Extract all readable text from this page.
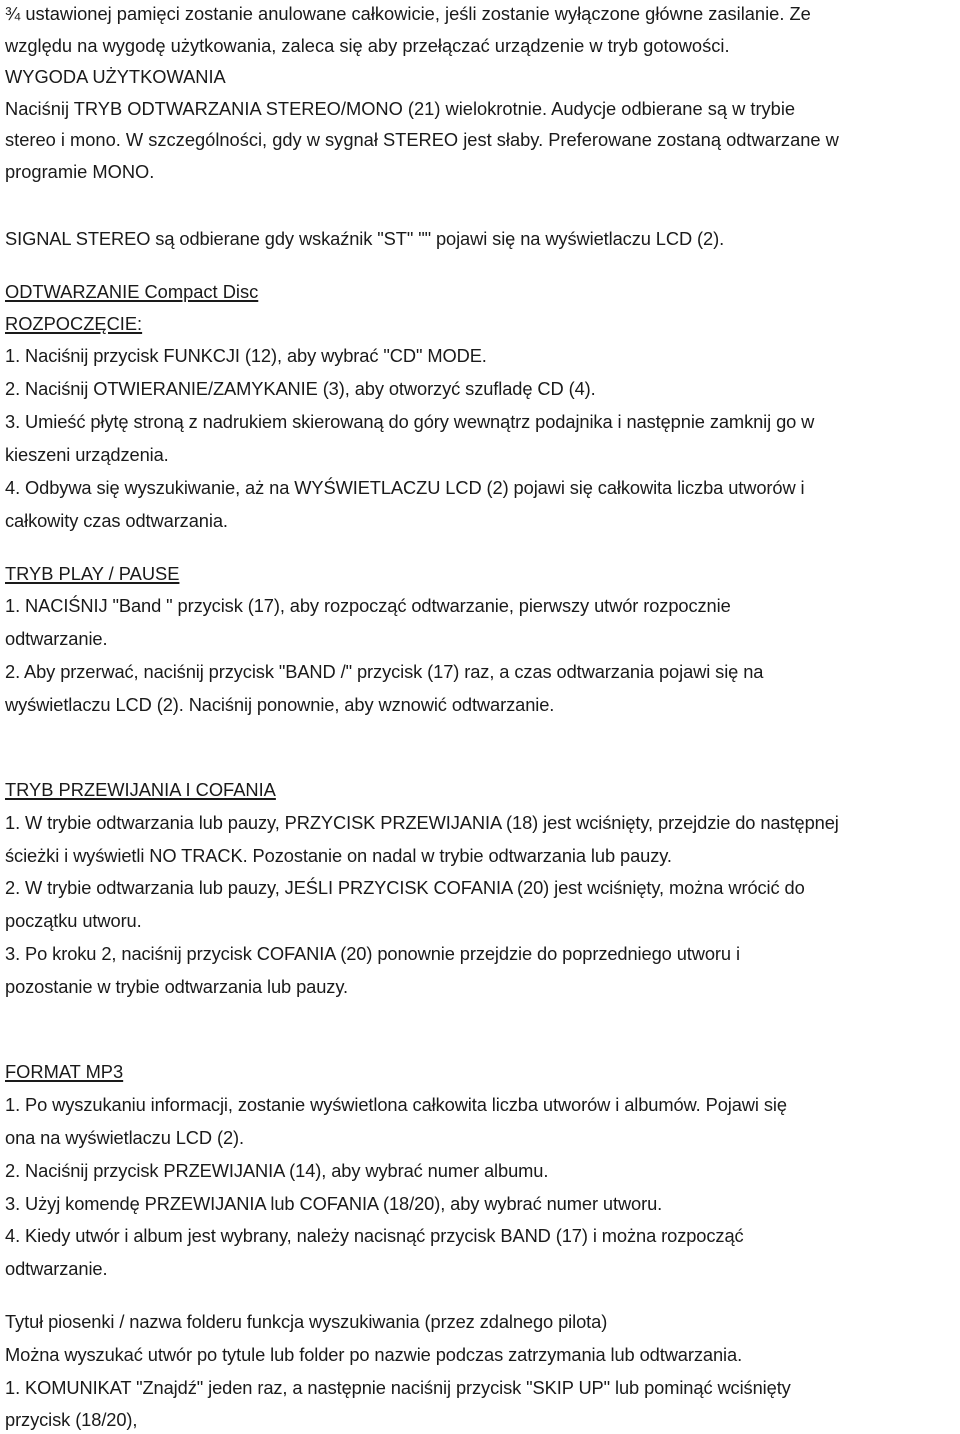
¾ ustawionej pamięci zostanie anulowane całkowicie, jeśli zostanie wyłączone główne zasilanie. Ze
względu na wygodę użytkowania, zaleca się aby przełączać urządzenie w tryb gotowości.
WYGODA UŻYTKOWANIA
Naciśnij TRYB ODTWARZANIA STEREO/MONO (21) wielokrotnie. Audycje odbierane są w trybie
stereo i mono. W szczególności, gdy w sygnał STEREO jest słaby. Preferowane zostaną odtwarzane w
programie MONO.
SIGNAL STEREO są odbierane gdy wskaźnik "ST" "" pojawi się na wyświetlaczu LCD (2).
ODTWARZANIE Compact Disc
ROZPOCZĘCIE:
1. Naciśnij przycisk FUNKCJI (12), aby wybrać "CD" MODE.
2. Naciśnij OTWIERANIE/ZAMYKANIE (3), aby otworzyć szufladę CD (4).
3. Umieść płytę stroną z nadrukiem skierowaną do góry wewnątrz podajnika i następnie zamknij go w
kieszeni urządzenia.
4. Odbywa się wyszukiwanie, aż na WYŚWIETLACZU LCD (2) pojawi się całkowita liczba utworów i
całkowity czas odtwarzania.
TRYB PLAY / PAUSE
1. NACIŚNIJ "Band " przycisk (17), aby rozpocząć odtwarzanie, pierwszy utwór rozpocznie
odtwarzanie.
2. Aby przerwać, naciśnij przycisk "BAND /" przycisk (17) raz, a czas odtwarzania pojawi się na
wyświetlaczu LCD (2). Naciśnij ponownie, aby wznowić odtwarzanie.
TRYB PRZEWIJANIA I COFANIA
1. W trybie odtwarzania lub pauzy, PRZYCISK PRZEWIJANIA (18) jest wciśnięty, przejdzie do następnej
ścieżki i wyświetli NO TRACK. Pozostanie on nadal w trybie odtwarzania lub pauzy.
2. W trybie odtwarzania lub pauzy, JEŚLI PRZYCISK COFANIA (20) jest wciśnięty, można wrócić do
początku utworu.
3. Po kroku 2, naciśnij przycisk COFANIA (20) ponownie przejdzie do poprzedniego utworu i
pozostanie w trybie odtwarzania lub pauzy.
FORMAT MP3
1. Po wyszukaniu informacji, zostanie wyświetlona całkowita liczba utworów i albumów. Pojawi się
ona na wyświetlaczu LCD (2).
2. Naciśnij przycisk PRZEWIJANIA (14), aby wybrać numer albumu.
3. Użyj komendę PRZEWIJANIA lub COFANIA (18/20), aby wybrać numer utworu.
4. Kiedy utwór i album jest wybrany, należy nacisnąć przycisk BAND (17) i można rozpocząć
odtwarzanie.
Tytuł piosenki / nazwa folderu funkcja wyszukiwania (przez zdalnego pilota)
Można wyszukać utwór po tytule lub folder po nazwie podczas zatrzymania lub odtwarzania.
1. KOMUNIKAT "Znajdź" jeden raz, a następnie naciśnij przycisk "SKIP UP" lub pominąć wciśnięty
przycisk (18/20),
